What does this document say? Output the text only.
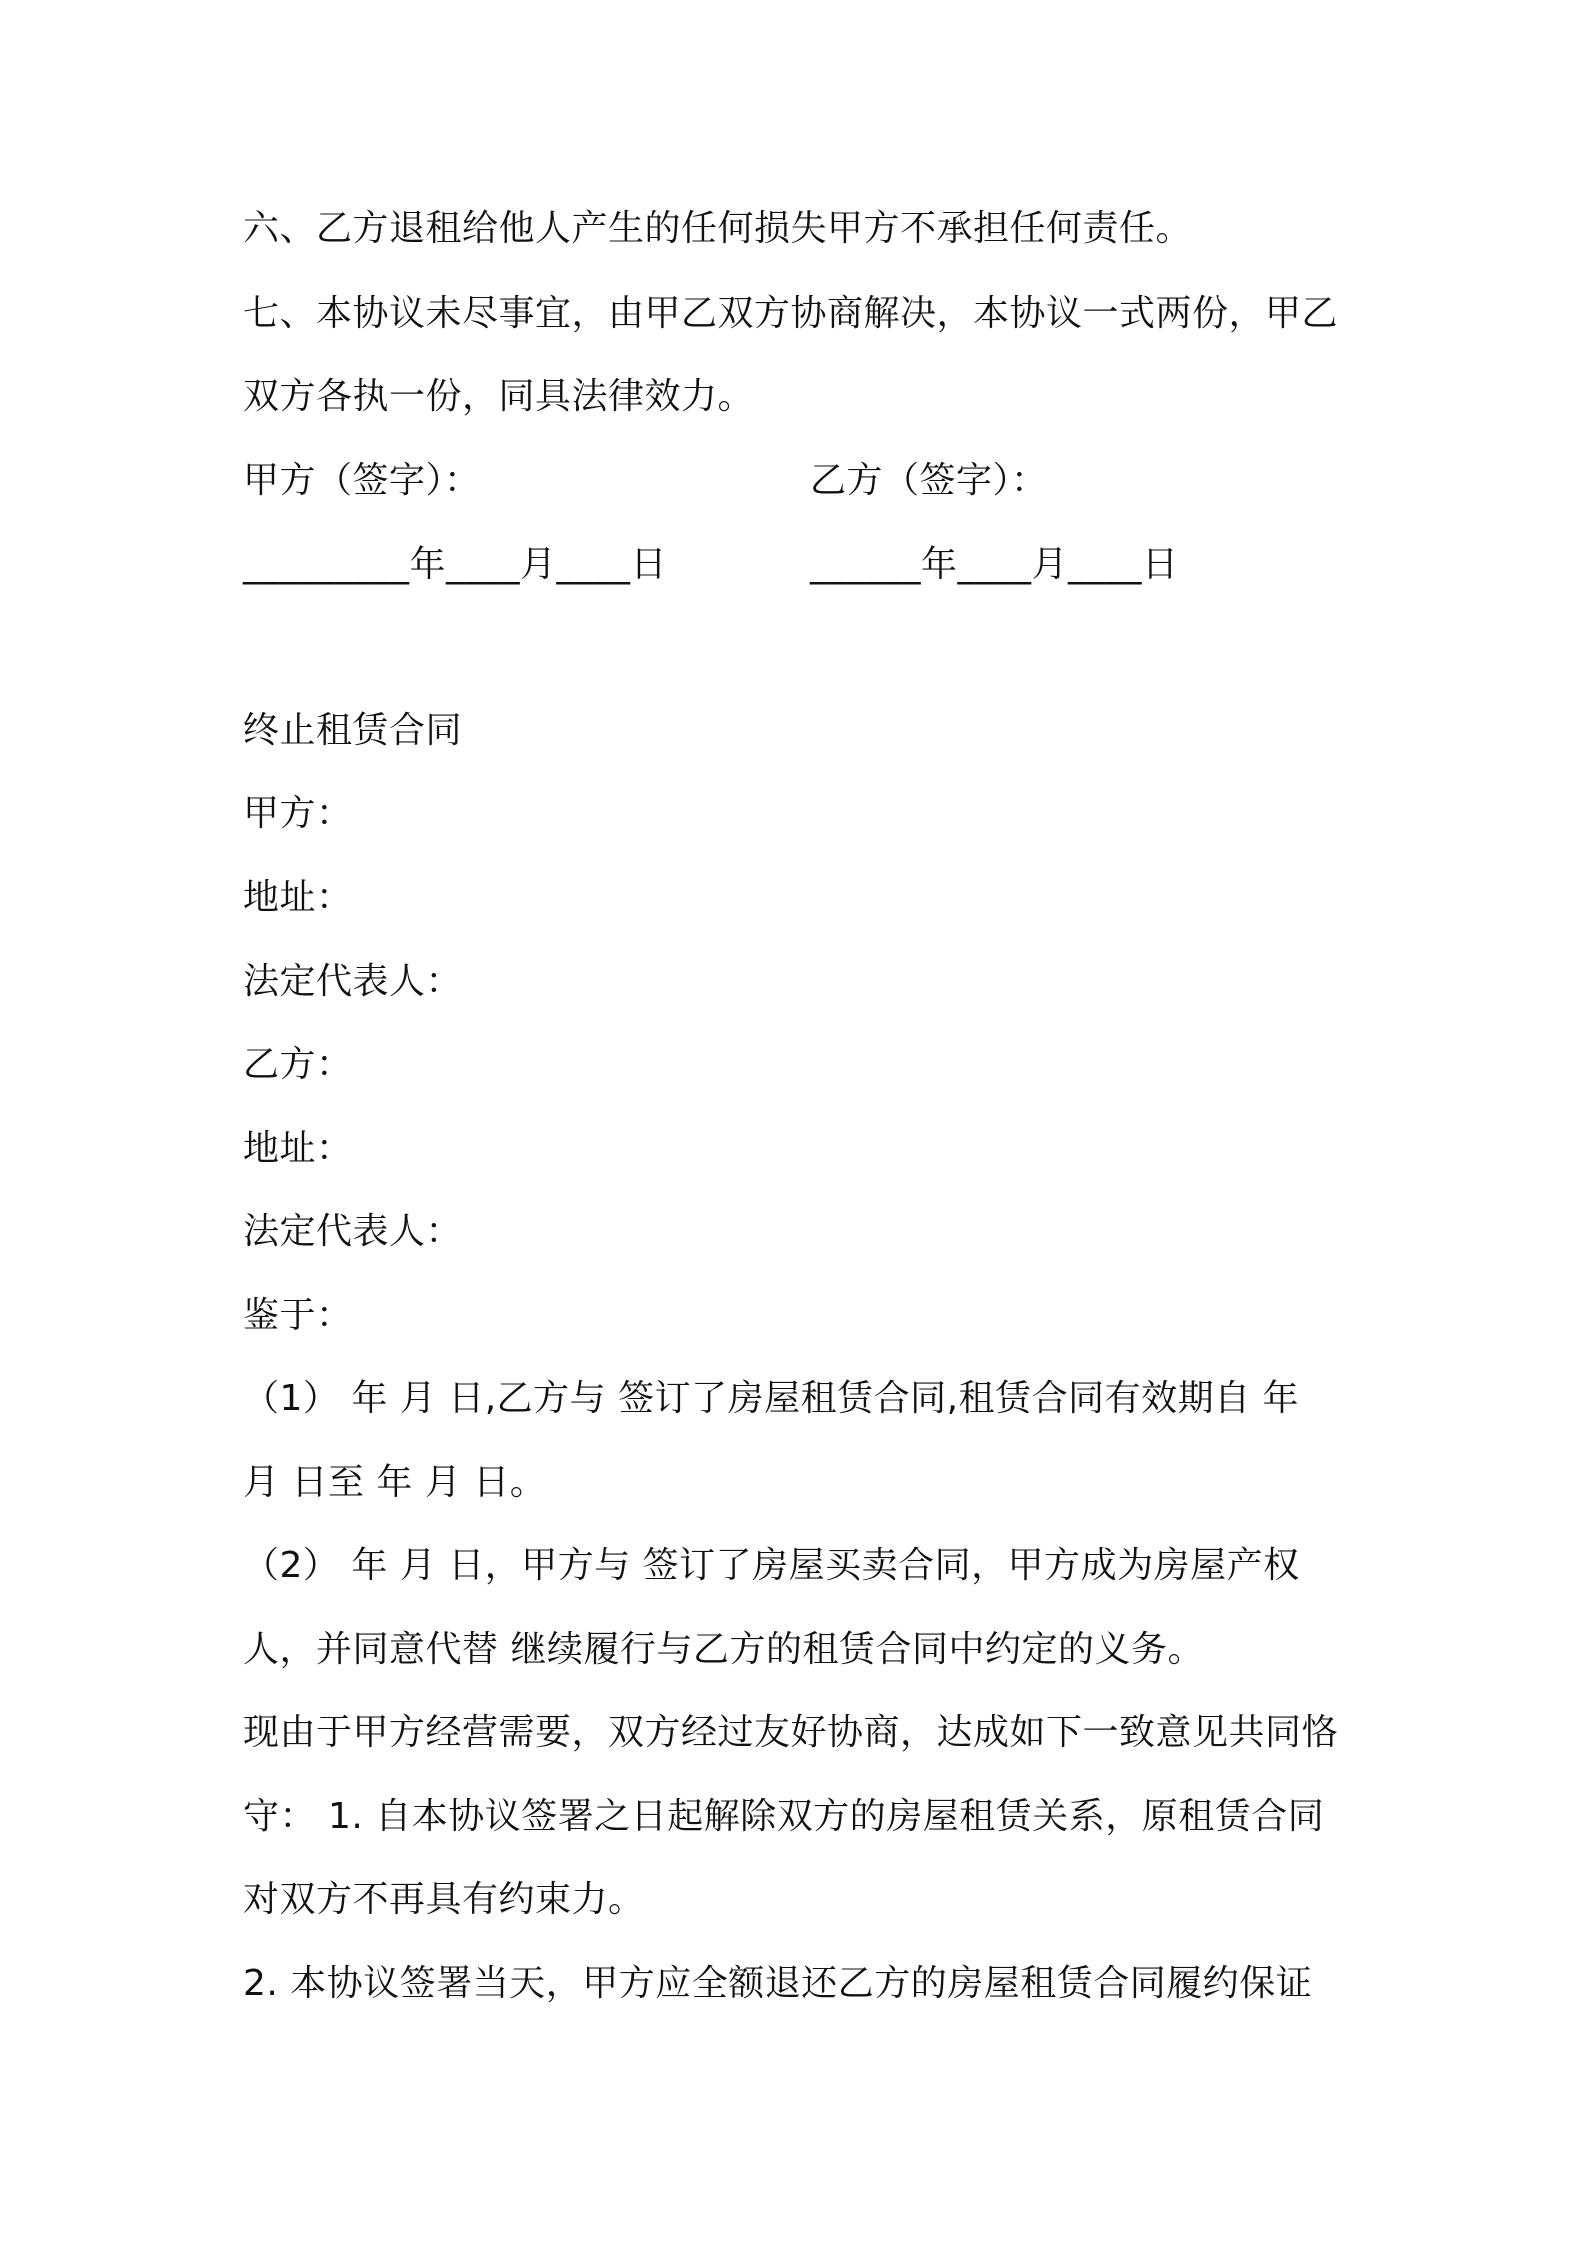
六、乙方退租给他人产生的任何损失甲方不承担任何责任。
七、本协议未尽事宜，由甲乙双方协商解决，本协议一式两份，甲乙
双方各执一份，同具法律效力。
甲方（签字）：	乙方（签字）：
_________年____月____日	______年____月____日
终止租赁合同
甲方：
地址：
法定代表人：
乙方：
地址：
法定代表人：
鉴于：
（1） 年 月 日,乙方与 签订了房屋租赁合同,租赁合同有效期自 年
月 日至 年 月 日。
（2） 年 月 日，甲方与 签订了房屋买卖合同，甲方成为房屋产权
人，并同意代替 继续履行与乙方的租赁合同中约定的义务。
现由于甲方经营需要，双方经过友好协商，达成如下一致意见共同恪
守： 1. 自本协议签署之日起解除双方的房屋租赁关系，原租赁合同
对双方不再具有约束力。
2. 本协议签署当天，甲方应全额退还乙方的房屋租赁合同履约保证
